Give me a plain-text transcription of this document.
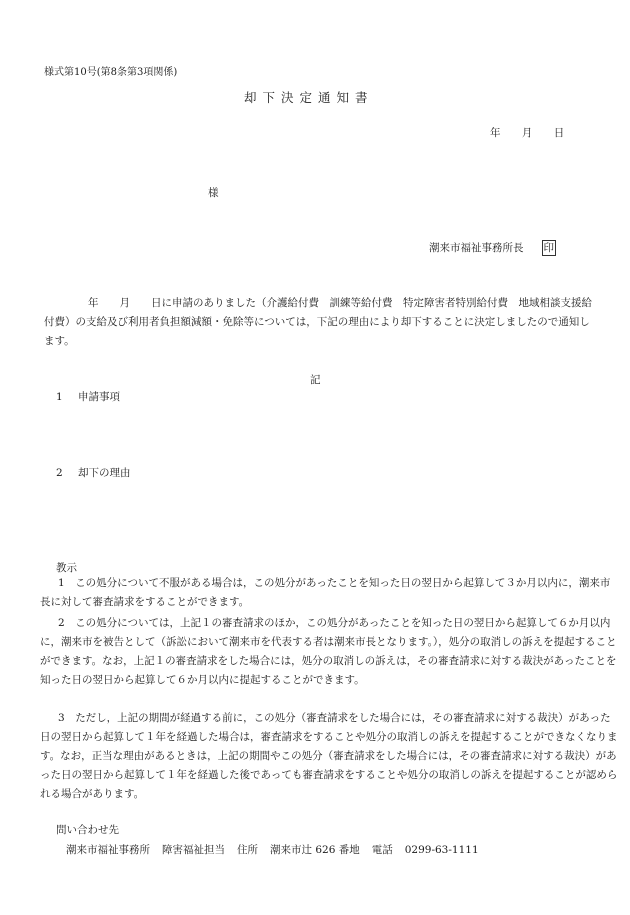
様式第10号(第8条第3項関係)
却下決定通知書
年 月 日
様
潮来市福祉事務所長 印
年　　月　　日に申請のありました（介護給付費　訓練等給付費　特定障害者特別給付費　地域相談支援給付費）の支給及び利用者負担額減額・免除等については，下記の理由により却下することに決定しましたので通知します。
記
1 申請事項
2 却下の理由
教示
1　 この処分について不服がある場合は，この処分があったことを知った日の翌日から起算して３か月以内に，潮来市長に対して審査請求をすることができます。
2　 この処分については，上記１の審査請求のほか，この処分があったことを知った日の翌日から起算して６か月以内に，潮来市を被告として（訴訟において潮来市を代表する者は潮来市長となります。），処分の取消しの訴えを提起することができます。なお，上記１の審査請求をした場合には，処分の取消しの訴えは，その審査請求に対する裁決があったことを知った日の翌日から起算して６か月以内に提起することができます。
3　 ただし，上記の期間が経過する前に，この処分（審査請求をした場合には，その審査請求に対する裁決）があった日の翌日から起算して１年を経過した場合は，審査請求をすることや処分の取消しの訴えを提起することができなくなります。なお，正当な理由があるときは，上記の期間やこの処分（審査請求をした場合には，その審査請求に対する裁決）があった日の翌日から起算して１年を経過した後であっても審査請求をすることや処分の取消しの訴えを提起することが認められる場合があります。
問い合わせ先
潮来市福祉事務所 障害福祉担当 住所 潮来市辻 626 番地 電話 0299-63-1111
